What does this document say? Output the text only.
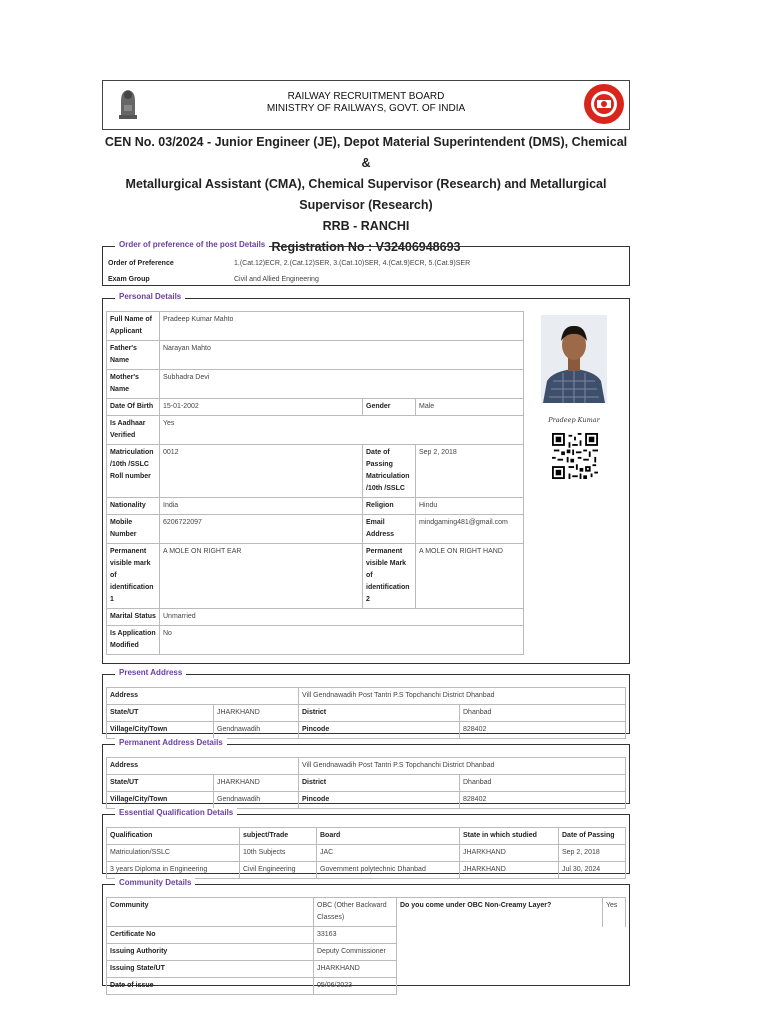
RAILWAY RECRUITMENT BOARD
MINISTRY OF RAILWAYS, GOVT. OF INDIA
CEN No. 03/2024 - Junior Engineer (JE), Depot Material Superintendent (DMS), Chemical &
Metallurgical Assistant (CMA), Chemical Supervisor (Research) and Metallurgical
Supervisor (Research)
RRB - RANCHI
Registration No : V32406948693
Order of preference of the post Details
Order of Preference	1.(Cat.12)ECR, 2.(Cat.12)SER, 3.(Cat.10)SER, 4.(Cat.9)ECR, 5.(Cat.9)SER
Exam Group	Civil and Allied Engineering
Personal Details
Full Name of Applicant	Pradeep Kumar Mahto		
Father's Name	Narayan Mahto		
Mother's Name	Subhadra Devi		
Date Of Birth	15-01-2002	Gender	Male
Is Aadhaar Verified	Yes		
Matriculation /10th /SSLC Roll number	0012	Date of Passing Matriculation /10th /SSLC	Sep 2, 2018
Nationality	India	Religion	Hindu
Mobile Number	6206722097	Email Address	mindgaming481@gmail.com
Permanent visible mark of identification 1	A MOLE ON RIGHT EAR	Permanent visible Mark of identification 2	A MOLE ON RIGHT HAND
Marital Status	Unmarried		
Is Application Modified	No		
Pradeep Kumar
Present Address
Address		Vill Gendnawadih Post Tantri P.S Topchanchi District Dhanbad	
State/UT	JHARKHAND	District	Dhanbad
Village/City/Town	Gendnawadih	Pincode	828402
Permanent Address Details
Address		Vill Gendnawadih Post Tantri P.S Topchanchi District Dhanbad	
State/UT	JHARKHAND	District	Dhanbad
Village/City/Town	Gendnawadih	Pincode	828402
Essential Qualification Details
Qualification	subject/Trade	Board	State in which studied	Date of Passing
Matriculation/SSLC	10th Subjects	JAC	JHARKHAND	Sep 2, 2018
3 years Diploma in Engineering	Civil Engineering	Government polytechnic Dhanbad	JHARKHAND	Jul 30, 2024
Community Details
Community	OBC (Other Backward Classes)	Do you come under OBC Non-Creamy Layer?	Yes
Certificate No	33163		
Issuing Authority	Deputy Commissioner		
Issuing State/UT	JHARKHAND		
Date of issue	05/06/2023		
